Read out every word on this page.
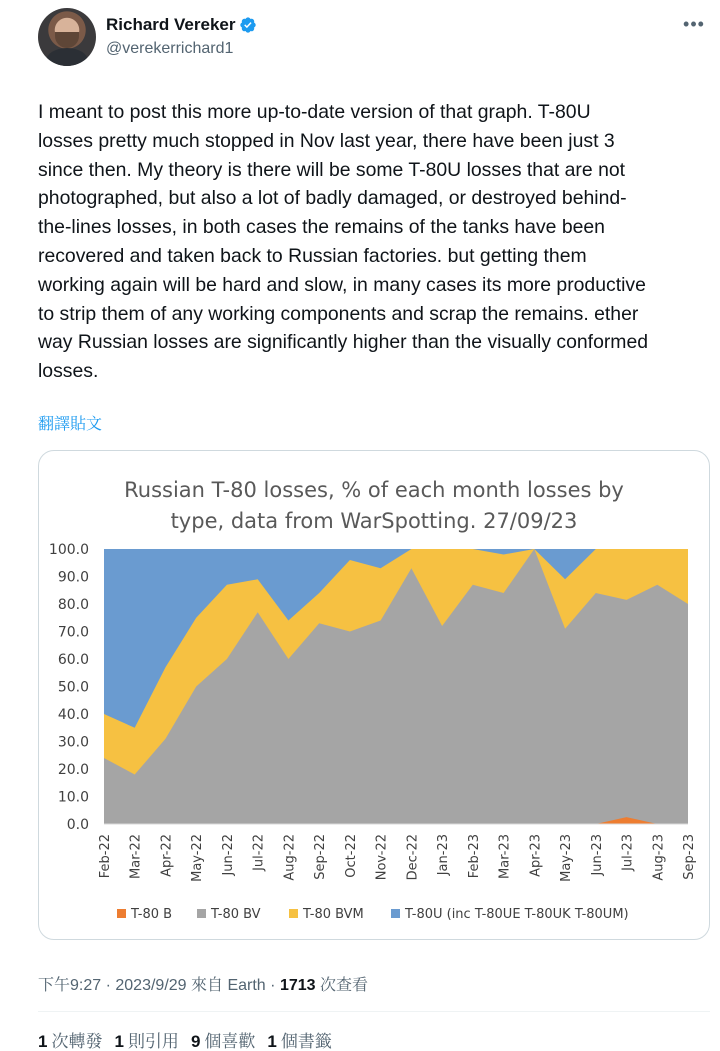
Richard Vereker
@verekerrichard1
•••
I meant to post this more up-to-date version of that graph. T-80U
losses pretty much stopped in Nov last year, there have been just 3
since then. My theory is there will be some T-80U losses that are not
photographed, but also a lot of badly damaged, or destroyed behind-
the-lines losses, in both cases the remains of the tanks have been
recovered and taken back to Russian factories. but getting them
working again will be hard and slow, in many cases its more productive
to strip them of any working components and scrap the remains. ether
way Russian losses are significantly higher than the visually conformed
losses.
翻譯貼文
Russian T-80 losses, % of each month losses by
type, data from WarSpotting. 27/09/23
0.0
10.0
20.0
30.0
40.0
50.0
60.0
70.0
80.0
90.0
100.0
Feb-22 Mar-22 Apr-22 May-22 Jun-22 Jul-22 Aug-22 Sep-22 Oct-22 Nov-22 Dec-22 Jan-23 Feb-23 Mar-23 Apr-23 May-23 Jun-23 Jul-23 Aug-23 Sep-23
T-80 B	T-80 BV	T-80 BVM	T-80U (inc T-80UE T-80UK T-80UM)
下午9:27 · 2023/9/29 來自 Earth · 1713 次查看
1 次轉發 1 則引用 9 個喜歡 1 個書籤
